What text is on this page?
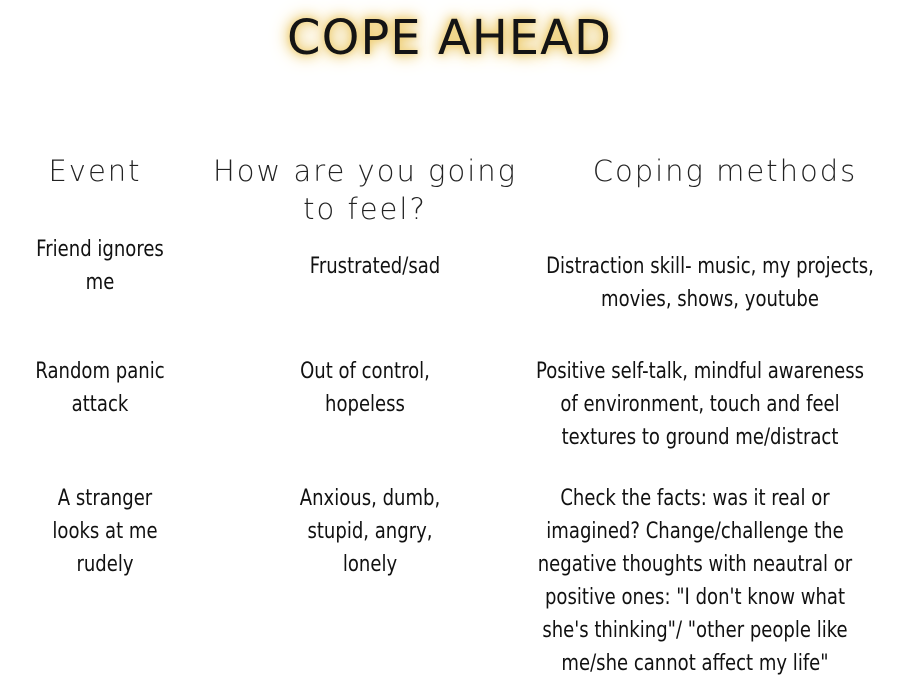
COPE AHEAD
Event	How are you going
to feel?
Coping methods
Friend ignores
me
Frustrated/sad	Distraction skill- music, my projects,
movies, shows, youtube
Random panic
attack
Out of control,
hopeless
Positive self-talk, mindful awareness
of environment, touch and feel
textures to ground me/distract
A stranger
looks at me
rudely
Anxious, dumb,
stupid, angry,
lonely
Check the facts: was it real or
imagined? Change/challenge the
negative thoughts with neautral or
positive ones: "I don't know what
she's thinking"/ "other people like
me/she cannot affect my life"
